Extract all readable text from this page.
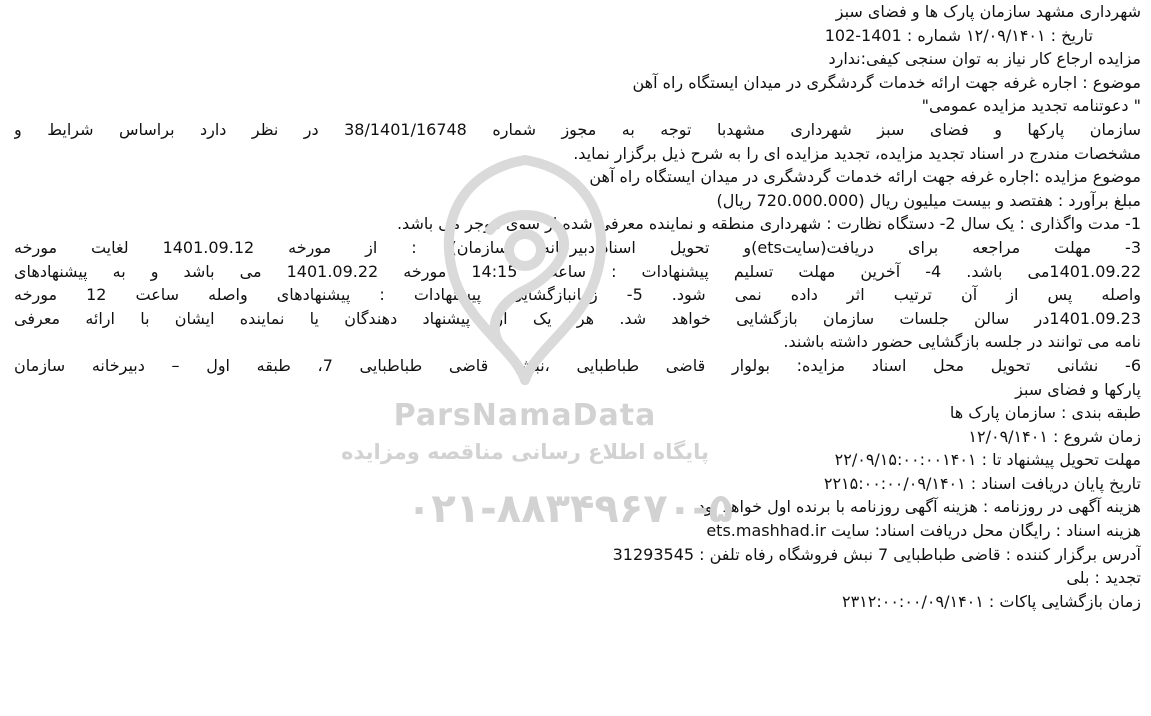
ParsNamaData
پایگاه اطلاع رسانی مناقصه ومزایده
۰۲۱-۸۸۳۴۹۶۷۰-۵
شهرداری مشهد سازمان پارک ها و فضای سبز
تاریخ : ۱۲/۰۹/۱۴۰۱ شماره : 1401-102
مزایده ارجاع کار نیاز به توان سنجی کیفی:ندارد
موضوع : اجاره غرفه جهت ارائه خدمات گردشگری در میدان ایستگاه راه آهن
" دعوتنامه تجدید مزایده عمومی"
سازمان پارکها و فضای سبز شهرداری مشهدبا توجه به مجوز شماره 38/1401/16748 در نظر دارد براساس شرایط و
مشخصات مندرج در اسناد تجدید مزایده، تجدید مزایده ای را به شرح ذیل برگزار نماید.
موضوع مزایده :اجاره غرفه جهت ارائه خدمات گردشگری در میدان ایستگاه راه آهن
مبلغ برآورد : هفتصد و بیست میلیون ریال (720.000.000 ریال)
1- مدت واگذاری : یک سال 2- دستگاه نظارت : شهرداری منطقه و نماینده معرفی شده از سوی موجر می باشد.
3- مهلت مراجعه برای دریافت(سایتets)و تحویل اسناد(دبیرخانه سازمان) : از مورخه 1401.09.12 لغایت مورخه
1401.09.22می باشد. 4- آخرین مهلت تسلیم پیشنهادات : ساعت 14:15 مورخه 1401.09.22 می باشد و به پیشنهادهای
واصله پس از آن ترتیب اثر داده نمی شود. 5- زمانبازگشایی پیشنهادات : پیشنهادهای واصله ساعت 12 مورخه
1401.09.23در سالن جلسات سازمان بازگشایی خواهد شد. هر یک از پیشنهاد دهندگان یا نماینده ایشان با ارائه معرفی
نامه می توانند در جلسه بازگشایی حضور داشته باشند.
6- نشانی تحویل محل اسناد مزایده: بولوار قاضی طباطبایی ،نبش قاضی طباطبایی 7، طبقه اول – دبیرخانه سازمان
پارکها و فضای سبز
طبقه بندی : سازمان پارک ها
زمان شروع : ۱۲/۰۹/۱۴۰۱
مهلت تحویل پیشنهاد تا : ۲۲/۰۹/۱۵:۰۰:۰۰۱۴۰۱
تاریخ پایان دریافت اسناد : ۲۲۱۵:۰۰:۰۰/۰۹/۱۴۰۱
هزینه آگهی در روزنامه : هزینه آگهی روزنامه با برنده اول خواهد بود
هزینه اسناد : رایگان محل دریافت اسناد: سایت ets.mashhad.ir
آدرس برگزار کننده : قاضی طباطبایی 7 نبش فروشگاه رفاه تلفن : 31293545
تجدید : بلی
زمان بازگشایی پاکات : ۲۳۱۲:۰۰:۰۰/۰۹/۱۴۰۱
